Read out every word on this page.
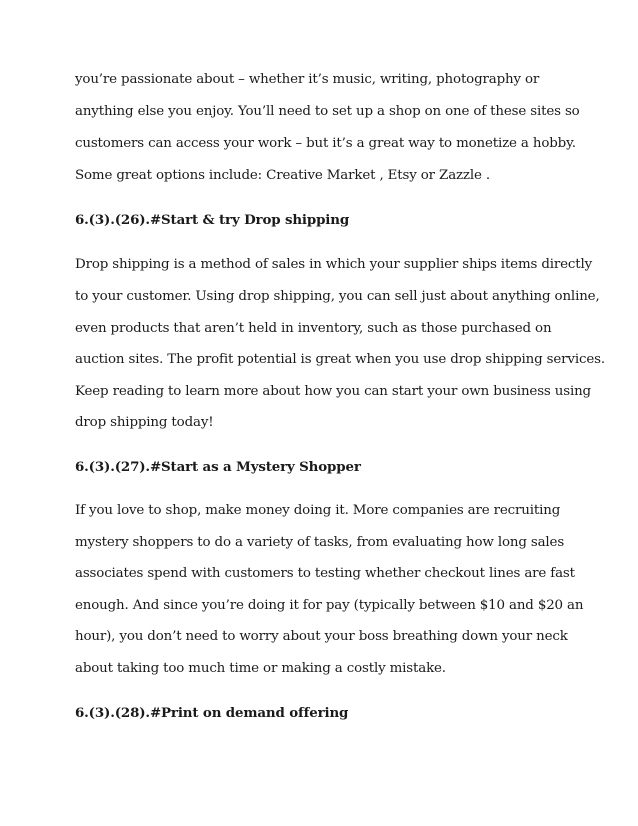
you’re passionate about – whether it’s music, writing, photography or
anything else you enjoy. You’ll need to set up a shop on one of these sites so
customers can access your work – but it’s a great way to monetize a hobby.
Some great options include: Creative Market , Etsy or Zazzle .
6.(3).(26).#Start & try Drop shipping
Drop shipping is a method of sales in which your supplier ships items directly
to your customer. Using drop shipping, you can sell just about anything online,
even products that aren’t held in inventory, such as those purchased on
auction sites. The profit potential is great when you use drop shipping services.
Keep reading to learn more about how you can start your own business using
drop shipping today!
6.(3).(27).#Start as a Mystery Shopper
If you love to shop, make money doing it. More companies are recruiting
mystery shoppers to do a variety of tasks, from evaluating how long sales
associates spend with customers to testing whether checkout lines are fast
enough. And since you’re doing it for pay (typically between $10 and $20 an
hour), you don’t need to worry about your boss breathing down your neck
about taking too much time or making a costly mistake.
6.(3).(28).#Print on demand offering
